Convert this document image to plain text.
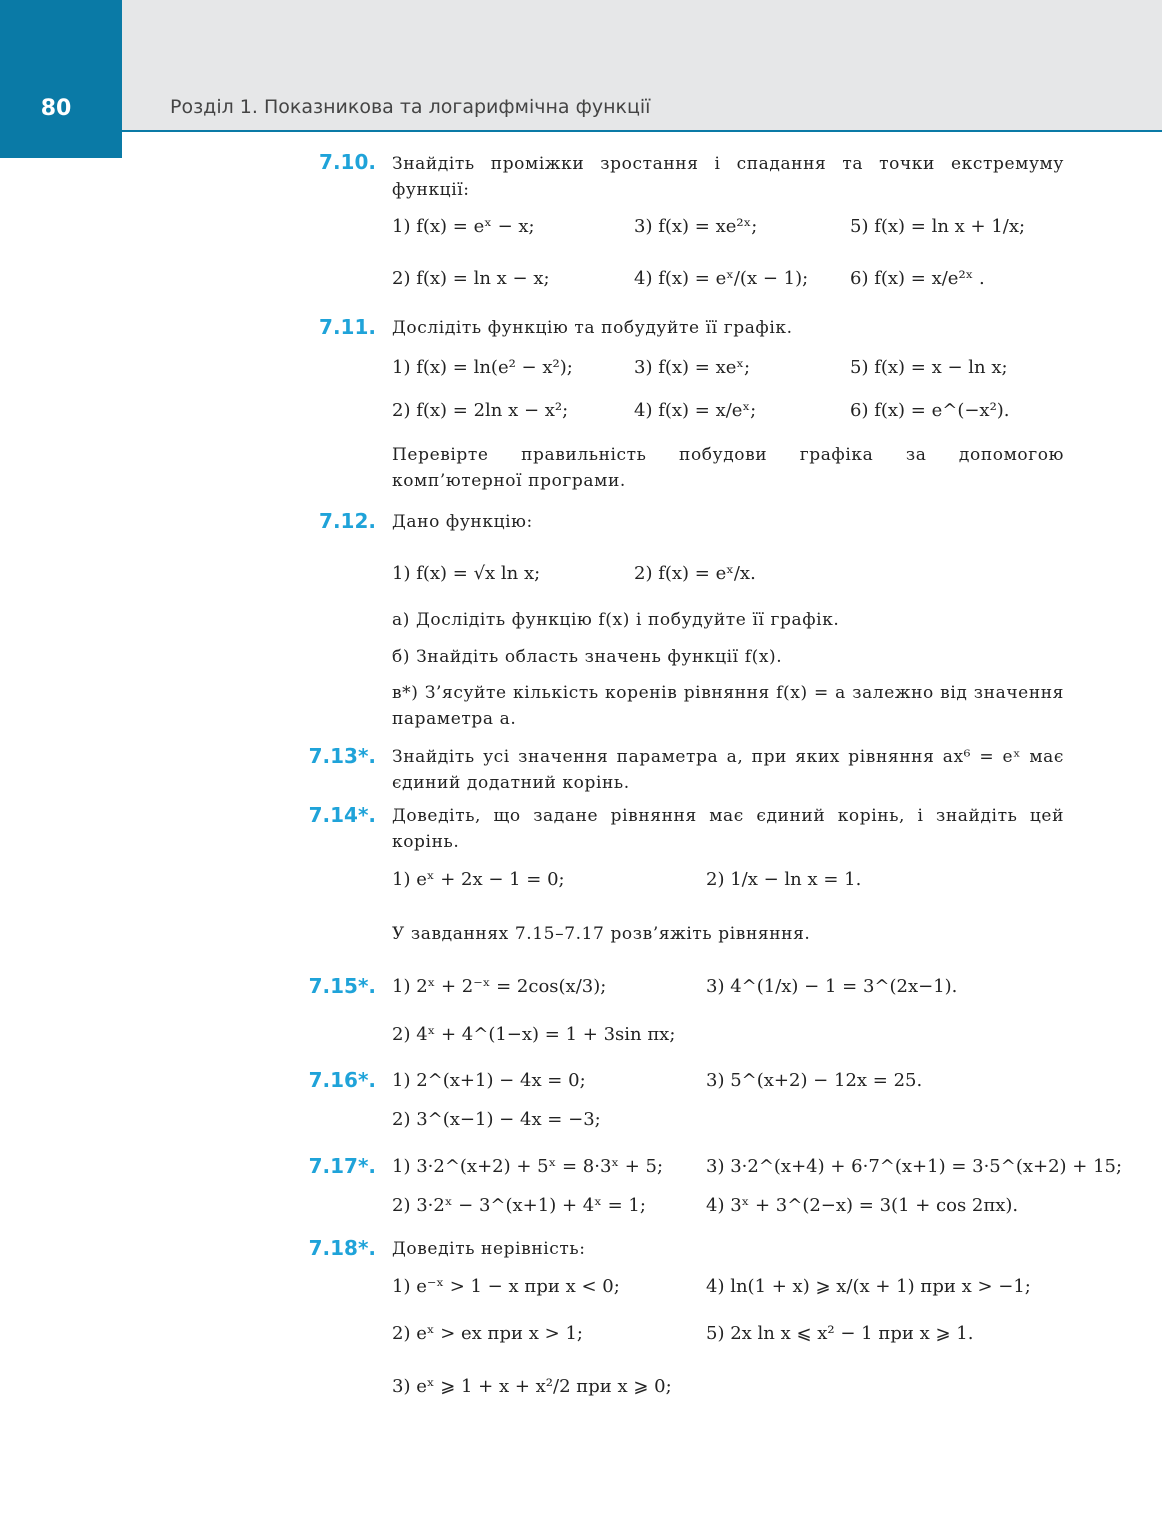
80	Розділ 1. Показникова та логарифмічна функції
7.10. Знайдіть проміжки зростання і спадання та точки екстремуму функції:
1) f(x) = eˣ − x;	3) f(x) = xe²ˣ;	5) f(x) = ln x + 1/x;
2) f(x) = ln x − x;	4) f(x) = eˣ/(x − 1); 6) f(x) = x/e²ˣ .
7.11. Дослідіть функцію та побудуйте її графік.
1) f(x) = ln(e² − x²);	3) f(x) = xeˣ;	5) f(x) = x − ln x;
2) f(x) = 2ln x − x²;	4) f(x) = x/eˣ;	6) f(x) = e^(−x²).
Перевірте правильність побудови графіка за допомогою комп’ютерної програми.
7.12. Дано функцію:
1) f(x) = √x ln x;	2) f(x) = eˣ/x.
а) Дослідіть функцію f(x) і побудуйте її графік.
б) Знайдіть область значень функції f(x).
в*) З’ясуйте кількість коренів рівняння f(x) = a залежно від значення параметра a.
7.13*. Знайдіть усі значення параметра a, при яких рівняння ax⁶ = eˣ має єдиний додатний корінь.
7.14*. Доведіть, що задане рівняння має єдиний корінь, і знайдіть цей корінь.
1) eˣ + 2x − 1 = 0;	2) 1/x − ln x = 1.
У завданнях 7.15–7.17 розв’яжіть рівняння.
7.15*. 1) 2ˣ + 2⁻ˣ = 2cos(x/3);	3) 4^(1/x) − 1 = 3^(2x−1).
2) 4ˣ + 4^(1−x) = 1 + 3sin πx;
7.16*. 1) 2^(x+1) − 4x = 0;	3) 5^(x+2) − 12x = 25.
2) 3^(x−1) − 4x = −3;
7.17*. 1) 3·2^(x+2) + 5ˣ = 8·3ˣ + 5; 3) 3·2^(x+4) + 6·7^(x+1) = 3·5^(x+2) + 15;
2) 3·2ˣ − 3^(x+1) + 4ˣ = 1;	4) 3ˣ + 3^(2−x) = 3(1 + cos 2πx).
7.18*. Доведіть нерівність:
1) e⁻ˣ > 1 − x при x < 0;	4) ln(1 + x) ⩾ x/(x + 1) при x > −1;
2) eˣ > ex при x > 1;	5) 2x ln x ⩽ x² − 1 при x ⩾ 1.
3) eˣ ⩾ 1 + x + x²/2 при x ⩾ 0;
